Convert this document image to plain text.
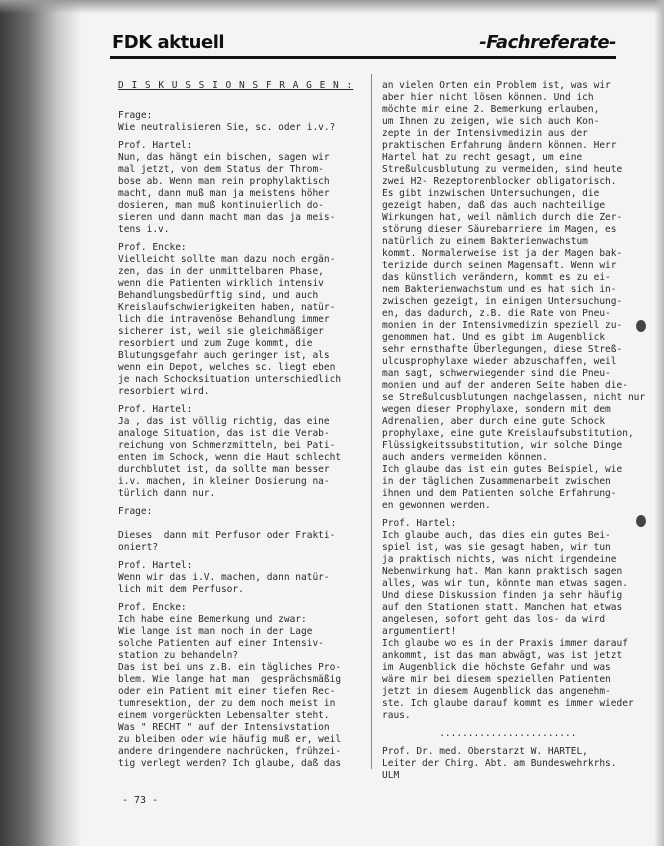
FDK aktuell	-Fachreferate-
D I S K U S S I O N S F R A G E N :
Frage:
Wie neutralisieren Sie, sc. oder i.v.?
Prof. Hartel:
Nun, das hängt ein bischen, sagen wir
mal jetzt, von dem Status der Throm-
bose ab. Wenn man rein prophylaktisch
macht, dann muß man ja meistens höher
dosieren, man muß kontinuierlich do-
sieren und dann macht man das ja meis-
tens i.v.
Prof. Encke:
Vielleicht sollte man dazu noch ergän-
zen, das in der unmittelbaren Phase,
wenn die Patienten wirklich intensiv
Behandlungsbedürftig sind, und auch
Kreislaufschwierigkeiten haben, natür-
lich die intravenöse Behandlung immer
sicherer ist, weil sie gleichmäßiger
resorbiert und zum Zuge kommt, die
Blutungsgefahr auch geringer ist, als
wenn ein Depot, welches sc. liegt eben
je nach Schocksituation unterschiedlich
resorbiert wird.
Prof. Hartel:
Ja , das ist völlig richtig, das eine
analoge Situation, das ist die Verab-
reichung von Schmerzmitteln, bei Pati-
enten im Schock, wenn die Haut schlecht
durchblutet ist, da sollte man besser
i.v. machen, in kleiner Dosierung na-
türlich dann nur.
Frage:

Dieses  dann mit Perfusor oder Frakti-
oniert?
Prof. Hartel:
Wenn wir das i.V. machen, dann natür-
lich mit dem Perfusor.
Prof. Encke:
Ich habe eine Bemerkung und zwar:
Wie lange ist man noch in der Lage
solche Patienten auf einer Intensiv-
station zu behandeln?
Das ist bei uns z.B. ein tägliches Pro-
blem. Wie lange hat man  gesprächsmäßig
oder ein Patient mit einer tiefen Rec-
tumresektion, der zu dem noch meist in
einem vorgerückten Lebensalter steht.
Was " RECHT " auf der Intensivstation
zu bleiben oder wie häufig muß er, weil
andere dringendere nachrücken, frühzei-
tig verlegt werden? Ich glaube, daß das
an vielen Orten ein Problem ist, was wir
aber hier nicht lösen können. Und ich
möchte mir eine 2. Bemerkung erlauben,
um Ihnen zu zeigen, wie sich auch Kon-
zepte in der Intensivmedizin aus der
praktischen Erfahrung ändern können. Herr
Hartel hat zu recht gesagt, um eine
Streßulcusblutung zu vermeiden, sind heute
zwei H2- Rezeptorenblocker obligatorisch.
Es gibt inzwischen Untersuchungen, die
gezeigt haben, daß das auch nachteilige
Wirkungen hat, weil nämlich durch die Zer-
störung dieser Säurebarriere im Magen, es
natürlich zu einem Bakterienwachstum
kommt. Normalerweise ist ja der Magen bak-
terizide durch seinen Magensaft. Wenn wir
das künstlich verändern, kommt es zu ei-
nem Bakterienwachstum und es hat sich in-
zwischen gezeigt, in einigen Untersuchung-
en, das dadurch, z.B. die Rate von Pneu-
monien in der Intensivmedizin speziell zu-
genommen hat. Und es gibt im Augenblick
sehr ernsthafte Überlegungen, diese Streß-
ulcusprophylaxe wieder abzuschaffen, weil
man sagt, schwerwiegender sind die Pneu-
monien und auf der anderen Seite haben die-
se Streßulcusblutungen nachgelassen, nicht nur
wegen dieser Prophylaxe, sondern mit dem
Adrenalien, aber durch eine gute Schock
prophylaxe, eine gute Kreislaufsubstitution,
Flüssigkeitssubstitution, wir solche Dinge
auch anders vermeiden können.
Ich glaube das ist ein gutes Beispiel, wie
in der täglichen Zusammenarbeit zwischen
ihnen und dem Patienten solche Erfahrung-
en gewonnen werden.
Prof. Hartel:
Ich glaube auch, das dies ein gutes Bei-
spiel ist, was sie gesagt haben, wir tun
ja praktisch nichts, was nicht irgendeine
Nebenwirkung hat. Man kann praktisch sagen
alles, was wir tun, könnte man etwas sagen.
Und diese Diskussion finden ja sehr häufig
auf den Stationen statt. Manchen hat etwas
angelesen, sofort geht das los- da wird
argumentiert!
Ich glaube wo es in der Praxis immer darauf
ankommt, ist das man abwägt, was ist jetzt
im Augenblick die höchste Gefahr und was
wäre mir bei diesem speziellen Patienten
jetzt in diesem Augenblick das angenehm-
ste. Ich glaube darauf kommt es immer wieder
raus.
........................
Prof. Dr. med. Oberstarzt W. HARTEL,
Leiter der Chirg. Abt. am Bundeswehrkrhs.
ULM
- 73 -
